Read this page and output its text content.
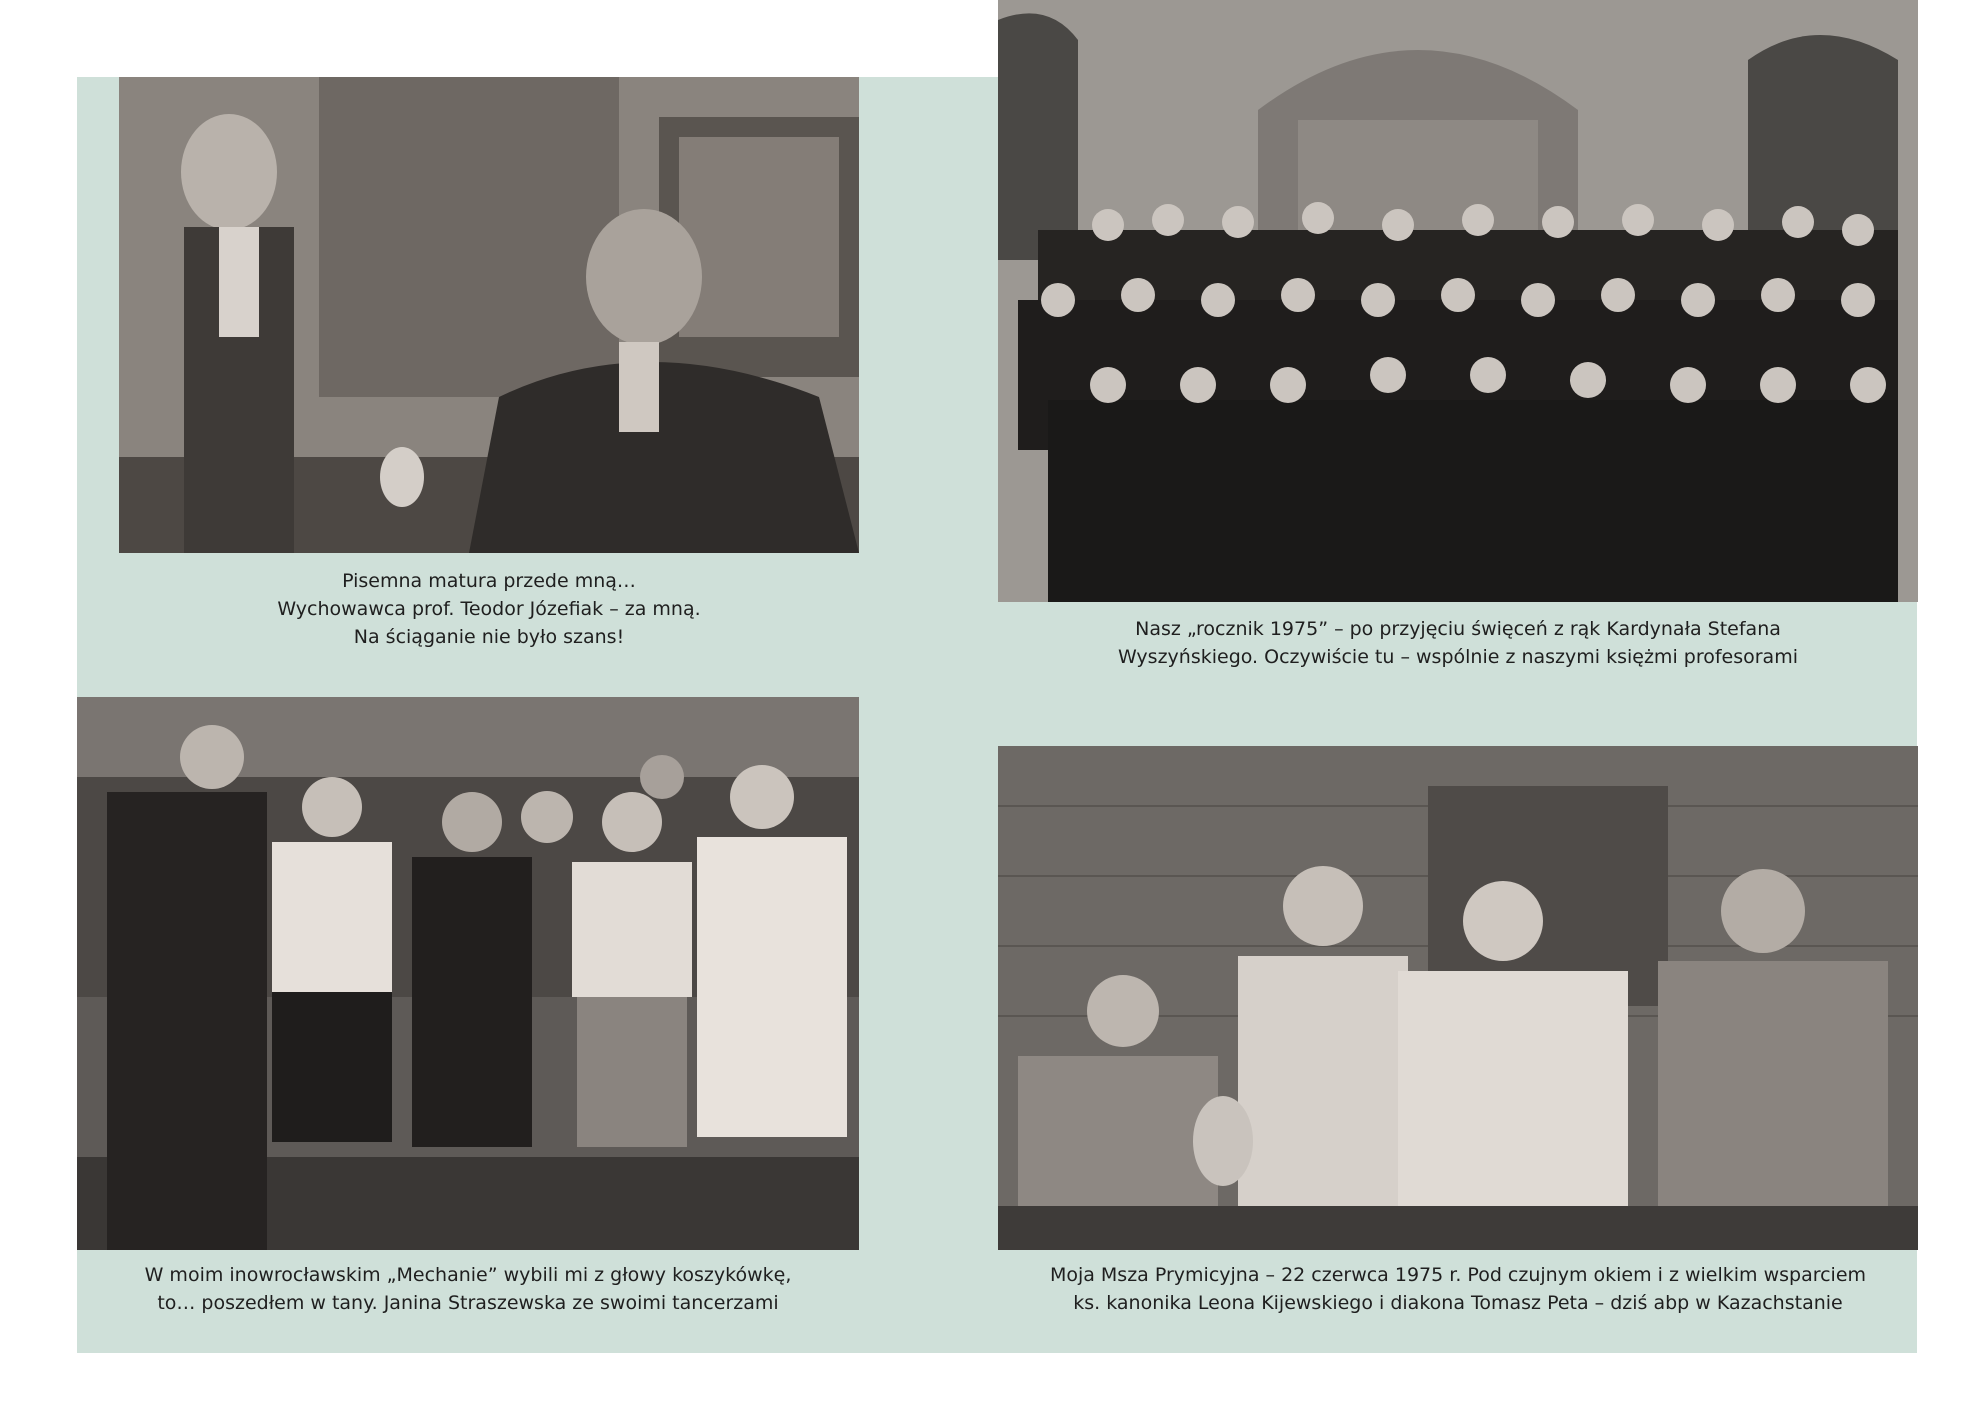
Pisemna matura przede mną…
Wychowawca prof. Teodor Józefiak – za mną.
Na ściąganie nie było szans!	Nasz „rocznik 1975” – po przyjęciu święceń z rąk Kardynała Stefana
Wyszyńskiego. Oczywiście tu – wspólnie z naszymi księżmi profesorami
W moim inowrocławskim „Mechanie” wybili mi z głowy koszykówkę,
to… poszedłem w tany. Janina Straszewska ze swoimi tancerzami
Moja Msza Prymicyjna – 22 czerwca 1975 r. Pod czujnym okiem i z wielkim wsparciem
ks. kanonika Leona Kijewskiego i diakona Tomasz Peta – dziś abp w Kazachstanie
